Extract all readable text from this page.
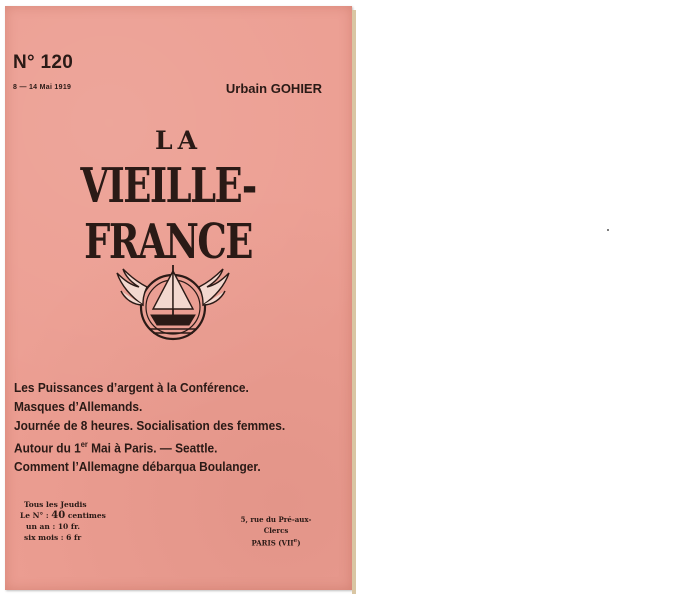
N° 120
8 — 14 Mai 1919	Urbain GOHIER
LA
VIEILLE-FRANCE
Les Puissances d’argent à la Conférence.
Masques d’Allemands.
Journée de 8 heures. Socialisation des femmes.
Autour du 1er Mai à Paris. — Seattle.
Comment l’Allemagne débarqua Boulanger.
Tous les Jeudis
Le N° : 40 centimes
un an : 10 fr.
six mois : 6 fr
5, rue du Pré-aux-Clercs
PARIS (VIIe)
